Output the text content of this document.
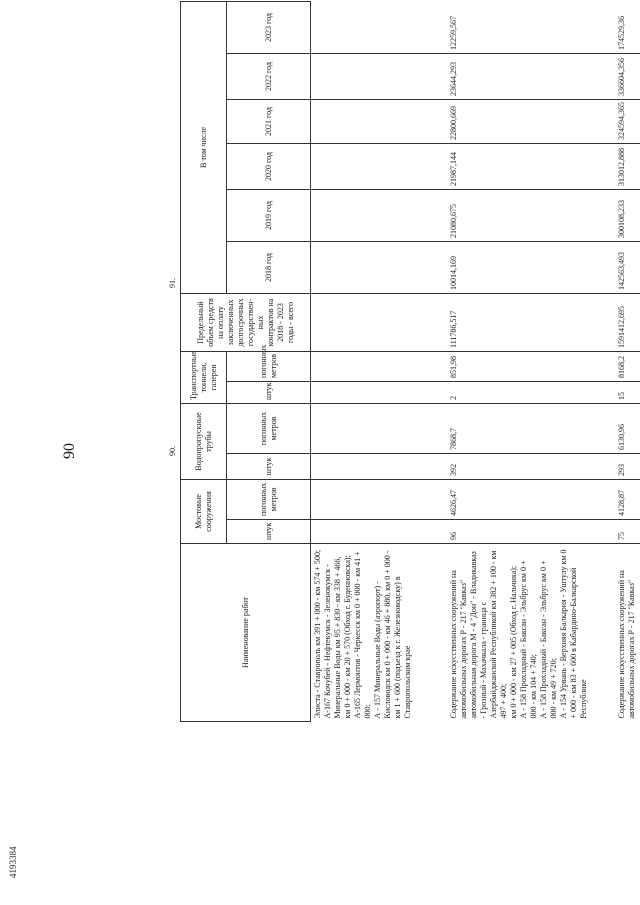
90
4193384
Наименование работ	Мостовые сооружения		Водопропускные трубы		Транспортные тоннели, галереи		Предельный объем средств на оплату заключенных долгосрочных государствен-ных контрактов на 2018 - 2023 годы - всего	В том числе					
	штук	погонных метров	штук	погонных метров	штук	погонных метров		2018 год	2019 год	2020 год	2021 год	2022 год	2023 год
Элиста - Ставрополь км 391 + 000 - км 574 + 500;
А-167 Кочубей - Нефтекумск - Зеленокумск - Минеральные Воды км 95 + 830 - км 338 + 466, км 0 + 000 - км 20 + 570 (Обход г. Буденновска);
А-165 Лермонтов - Черкесск км 0 + 000 - км 41 + 000;
А - 157 Минеральные Воды (аэропорт) - Кисловодск км 0 + 000 - км 46 + 880, км 0 + 000 - км 1 + 600 (подъезд к г. Железноводску) в Ставропольском крае													
Содержание искусственных сооружений на автомобильных дорогах Р - 217 "Кавказ" автомобильная дорога М - 4 "Дон" - Владикавказ - Грозный - Махачкала - граница с Азербайджанской Республикой км 382 + 100 - км 497 + 400;
км 0 + 000 - км 27 + 005 (Обход г. Нальчика);
А - 158 Прохладный - Баксан - Эльбрус км 0 + 000 - км 104 + 740;
А - 158 Прохладный - Баксан - Эльбрус км 0 + 000 - км 49 + 720;
А - 154 Урвань - Верхняя Балкария - Уштулу км 0 + 000 - км 83 + 600 в Кабардино-Балкарской Республике	96	4626,47	392	7868,7	2	851,98	111786,517	10014,169	21080,675	21987,144	22800,669	23644,293	12259,567
Содержание искусственных сооружений на автомобильных дорогах Р - 217 "Кавказ"	75	4128,87	293	6130,96	15	8168,2	1591412,695	142563,493	300108,233	313012,888	324594,365	336604,356	174529,36
90.
91.
